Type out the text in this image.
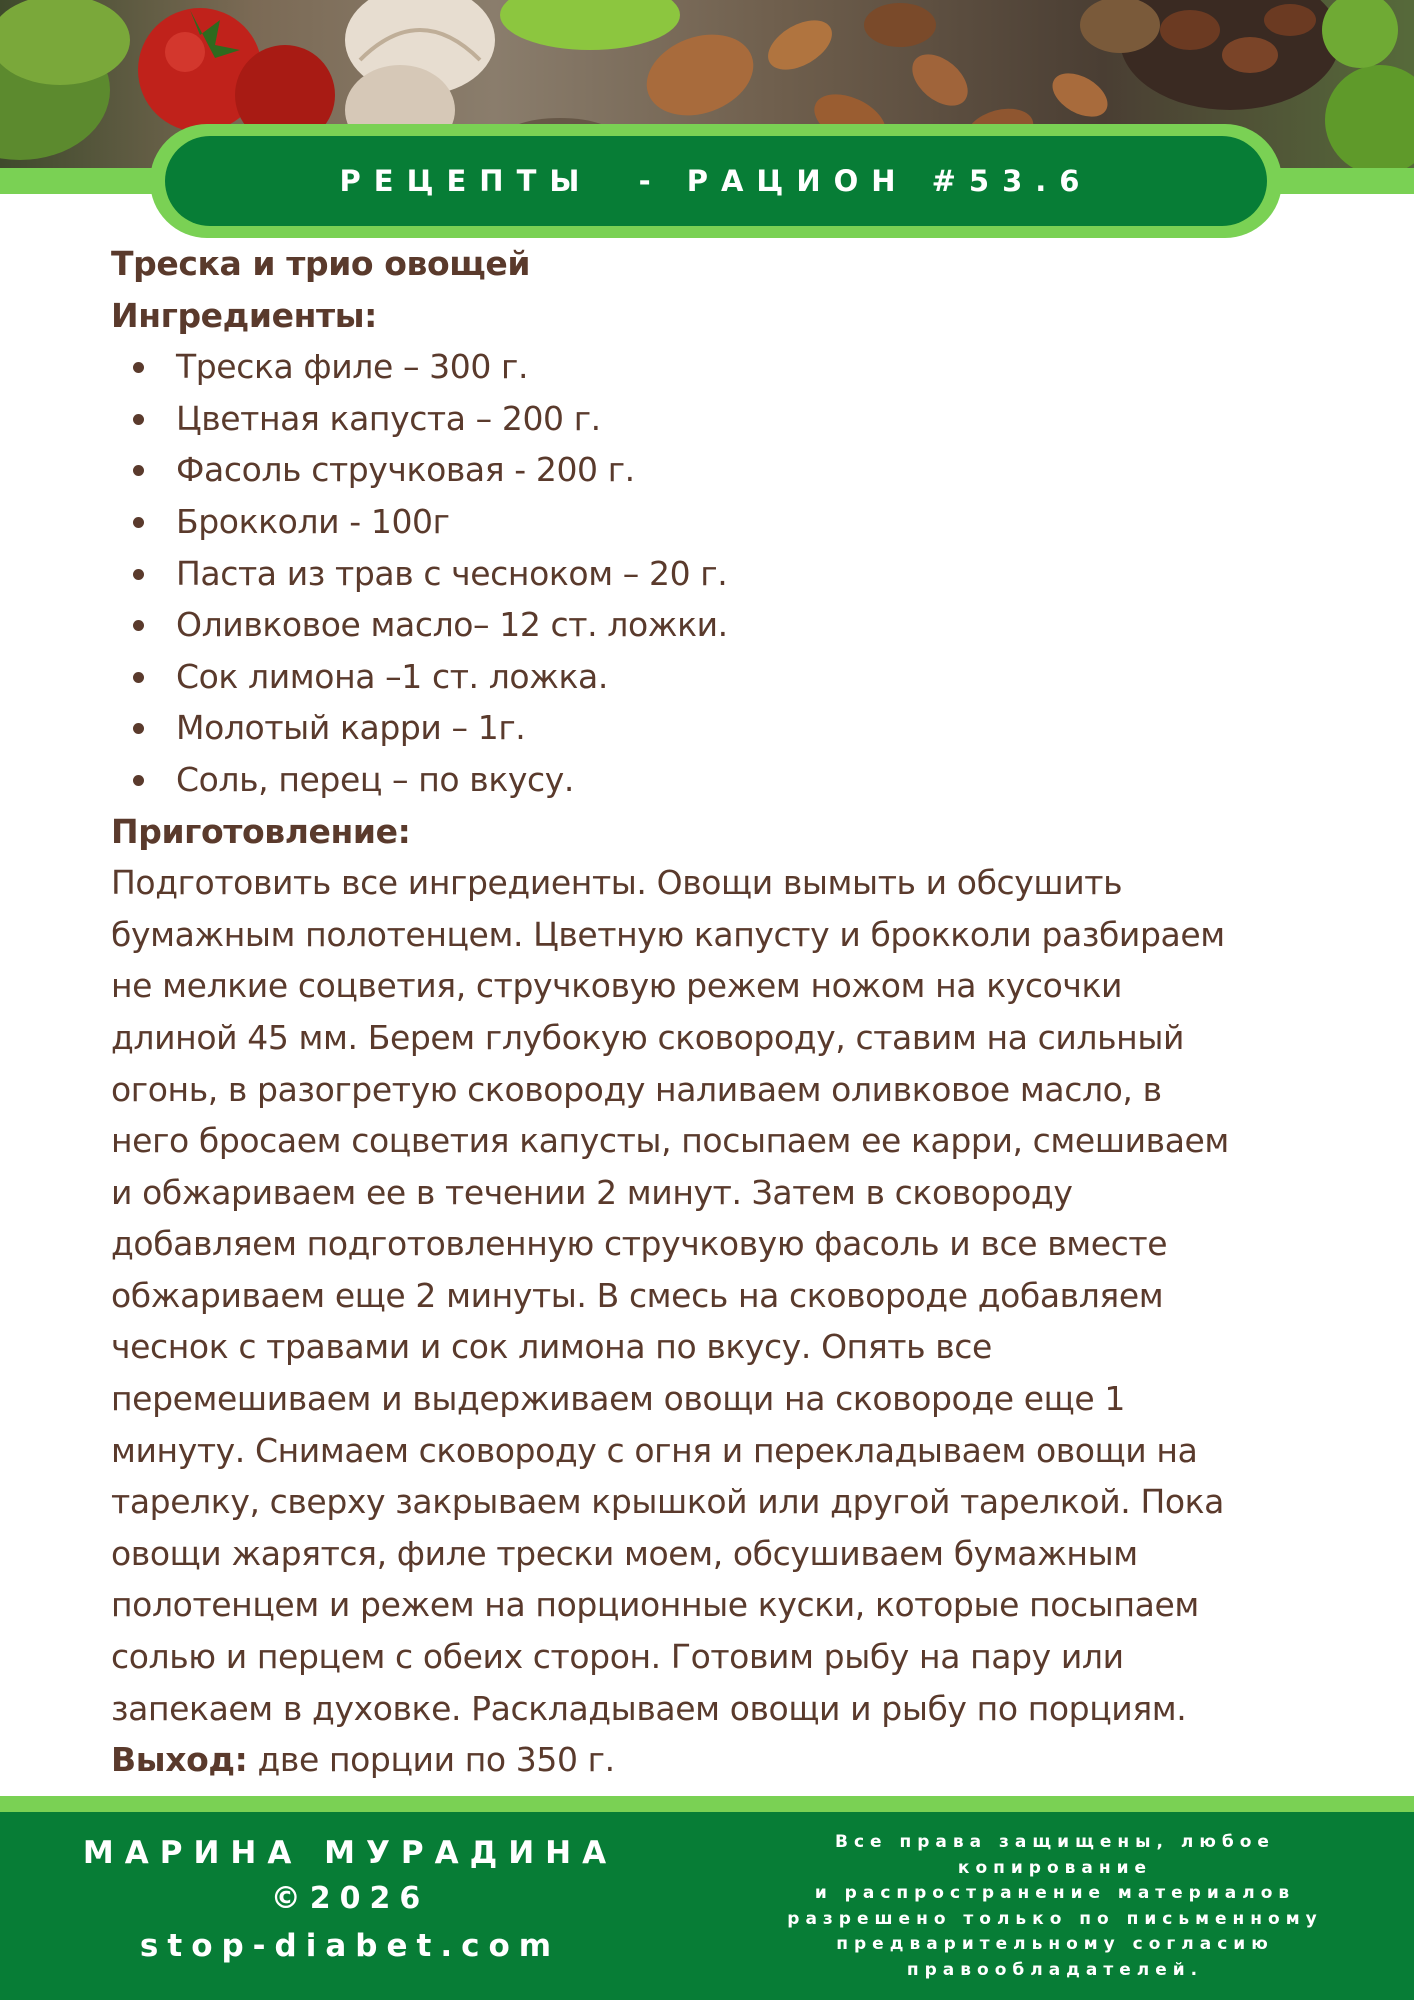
РЕЦЕПТЫ  - РАЦИОН #53.6
Треска и трио овощей
Ингредиенты:
Треска филе – 300 г.
Цветная капуста – 200 г.
Фасоль стручковая - 200 г.
Брокколи - 100г
Паста из трав с чесноком – 20 г.
Оливковое масло– 12 ст. ложки.
Сок лимона –1 ст. ложка.
Молотый карри – 1г.
Соль, перец – по вкусу.
Приготовление:
Подготовить все ингредиенты. Овощи вымыть и обсушить
бумажным полотенцем. Цветную капусту и брокколи разбираем
не мелкие соцветия, стручковую режем ножом на кусочки
длиной 45 мм. Берем глубокую сковороду, ставим на сильный
огонь, в разогретую сковороду наливаем оливковое масло, в
него бросаем соцветия капусты, посыпаем ее карри, смешиваем
и обжариваем ее в течении 2 минут. Затем в сковороду
добавляем подготовленную стручковую фасоль и все вместе
обжариваем еще 2 минуты. В смесь на сковороде добавляем
чеснок с травами и сок лимона по вкусу. Опять все
перемешиваем и выдерживаем овощи на сковороде еще 1
минуту. Снимаем сковороду с огня и перекладываем овощи на
тарелку, сверху закрываем крышкой или другой тарелкой. Пока
овощи жарятся, филе трески моем, обсушиваем бумажным
полотенцем и режем на порционные куски, которые посыпаем
солью и перцем с обеих сторон. Готовим рыбу на пару или
запекаем в духовке. Раскладываем овощи и рыбу по порциям.
Выход: две порции по 350 г.
МАРИНА МУРАДИНА
©2026
stop-diabet.com
Все права защищены, любое копирование
и распространение материалов
разрешено только по письменному
предварительному согласию
правообладателей.
